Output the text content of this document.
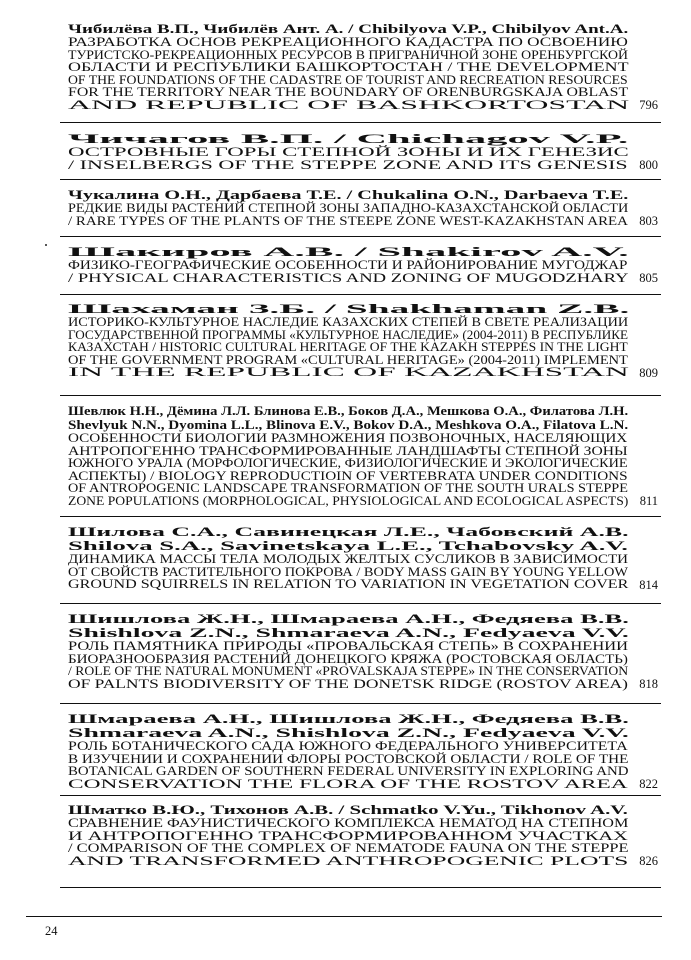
Чибилёва В.П., Чибилёв Ант. А. / Chibilyova V.P., Chibilyov Ant.A.
РАЗРАБОТКА ОСНОВ РЕКРЕАЦИОННОГО КАДАСТРА ПО ОСВОЕНИЮ
ТУРИСТСКО-РЕКРЕАЦИОННЫХ РЕСУРСОВ В ПРИГРАНИЧНОЙ ЗОНЕ ОРЕНБУРГСКОЙ
ОБЛАСТИ И РЕСПУБЛИКИ БАШКОРТОСТАН / THE DEVELOPMENT
OF THE FOUNDATIONS OF THE CADASTRE OF TOURIST AND RECREATION RESOURCES
FOR THE TERRITORY NEAR THE BOUNDARY OF ORENBURGSKAJA OBLAST
AND REPUBLIC OF BASHKORTOSTAN 796
Чичагов В.П. / Chichagov V.P.
ОСТРОВНЫЕ ГОРЫ СТЕПНОЙ ЗОНЫ И ИХ ГЕНЕЗИС
/ INSELBERGS OF THE STEPPE ZONE AND ITS GENESIS 800
Чукалина О.Н., Дарбаева Т.Е. / Chukalina O.N., Darbaeva T.E.
РЕДКИЕ ВИДЫ РАСТЕНИЙ СТЕПНОЙ ЗОНЫ ЗАПАДНО-КАЗАХСТАНСКОЙ ОБЛАСТИ
/ RARE TYPES OF THE PLANTS OF THE STEEPE ZONE WEST-KAZAKHSTAN AREA 803
Шакиров А.В. / Shakirov A.V.
ФИЗИКО-ГЕОГРАФИЧЕСКИЕ ОСОБЕННОСТИ И РАЙОНИРОВАНИЕ МУГОДЖАР
/ PHYSICAL CHARACTERISTICS AND ZONING OF MUGODZHARY 805
Шахаман З.Б. / Shakhaman Z.B.
ИСТОРИКО-КУЛЬТУРНОЕ НАСЛЕДИЕ КАЗАХСКИХ СТЕПЕЙ В СВЕТЕ РЕАЛИЗАЦИИ
ГОСУДАРСТВЕННОЙ ПРОГРАММЫ «КУЛЬТУРНОЕ НАСЛЕДИЕ» (2004-2011) В РЕСПУБЛИКЕ
КАЗАХСТАН / HISTORIC CULTURAL HERITAGE OF THE KAZAKH STEPPES IN THE LIGHT
OF THE GOVERNMENT PROGRAM «CULTURAL HERITAGE» (2004-2011) IMPLEMENT
IN THE REPUBLIC OF KAZAKHSTAN 809
Шевлюк Н.Н., Дёмина Л.Л. Блинова Е.В., Боков Д.А., Мешкова О.А., Филатова Л.Н.
Shevlyuk N.N., Dyomina L.L., Blinova E.V., Bokov D.A., Meshkova O.A., Filatova L.N.
ОСОБЕННОСТИ БИОЛОГИИ РАЗМНОЖЕНИЯ ПОЗВОНОЧНЫХ, НАСЕЛЯЮЩИХ
АНТРОПОГЕННО ТРАНСФОРМИРОВАННЫЕ ЛАНДШАФТЫ СТЕПНОЙ ЗОНЫ
ЮЖНОГО УРАЛА (МОРФОЛОГИЧЕСКИЕ, ФИЗИОЛОГИЧЕСКИЕ И ЭКОЛОГИЧЕСКИЕ
АСПЕКТЫ) / BIOLOGY REPRODUCTIOIN OF VERTEBRATA UNDER CONDITIONS
OF ANTROPOGENIC LANDSCAPE TRANSFORMATION OF THE SOUTH URALS STEPPE
ZONE POPULATIONS (MORPHOLOGICAL, PHYSIOLOGICAL AND ECOLOGICAL ASPECTS) 811
Шилова С.А., Савинецкая Л.Е., Чабовский А.В.
Shilova S.A., Savinetskaya L.E., Tchabovsky A.V.
ДИНАМИКА МАССЫ ТЕЛА МОЛОДЫХ ЖЕЛТЫХ СУСЛИКОВ В ЗАВИСИМОСТИ
ОТ СВОЙСТВ РАСТИТЕЛЬНОГО ПОКРОВА / BODY MASS GAIN BY YOUNG YELLOW
GROUND SQUIRRELS IN RELATION TO VARIATION IN VEGETATION COVER 814
Шишлова Ж.Н., Шмараева А.Н., Федяева В.В.
Shishlova Z.N., Shmaraeva A.N., Fedyaeva V.V.
РОЛЬ ПАМЯТНИКА ПРИРОДЫ «ПРОВАЛЬСКАЯ СТЕПЬ» В СОХРАНЕНИИ
БИОРАЗНООБРАЗИЯ РАСТЕНИЙ ДОНЕЦКОГО КРЯЖА (РОСТОВСКАЯ ОБЛАСТЬ)
/ ROLE OF THE NATURAL MONUMENT «PROVALSKAJA STEPPE» IN THE CONSERVATION
OF PALNTS BIODIVERSITY OF THE DONETSK RIDGE (ROSTOV AREA) 818
Шмараева А.Н., Шишлова Ж.Н., Федяева В.В.
Shmaraeva A.N., Shishlova Z.N., Fedyaeva V.V.
РОЛЬ БОТАНИЧЕСКОГО САДА ЮЖНОГО ФЕДЕРАЛЬНОГО УНИВЕРСИТЕТА
В ИЗУЧЕНИИ И СОХРАНЕНИИ ФЛОРЫ РОСТОВСКОЙ ОБЛАСТИ / ROLE OF THE
BOTANICAL GARDEN OF SOUTHERN FEDERAL UNIVERSITY IN EXPLORING AND
CONSERVATION THE FLORA OF THE ROSTOV AREA 822
Шматко В.Ю., Тихонов А.В. / Schmatko V.Yu., Tikhonov A.V.
СРАВНЕНИЕ ФАУНИСТИЧЕСКОГО КОМПЛЕКСА НЕМАТОД НА СТЕПНОМ
И АНТРОПОГЕННО ТРАНСФОРМИРОВАННОМ УЧАСТКАХ
/ COMPARISON OF THE COMPLEX OF NEMATODE FAUNA ON THE STEPPE
AND TRANSFORMED ANTHROPOGENIC PLOTS 826
24
